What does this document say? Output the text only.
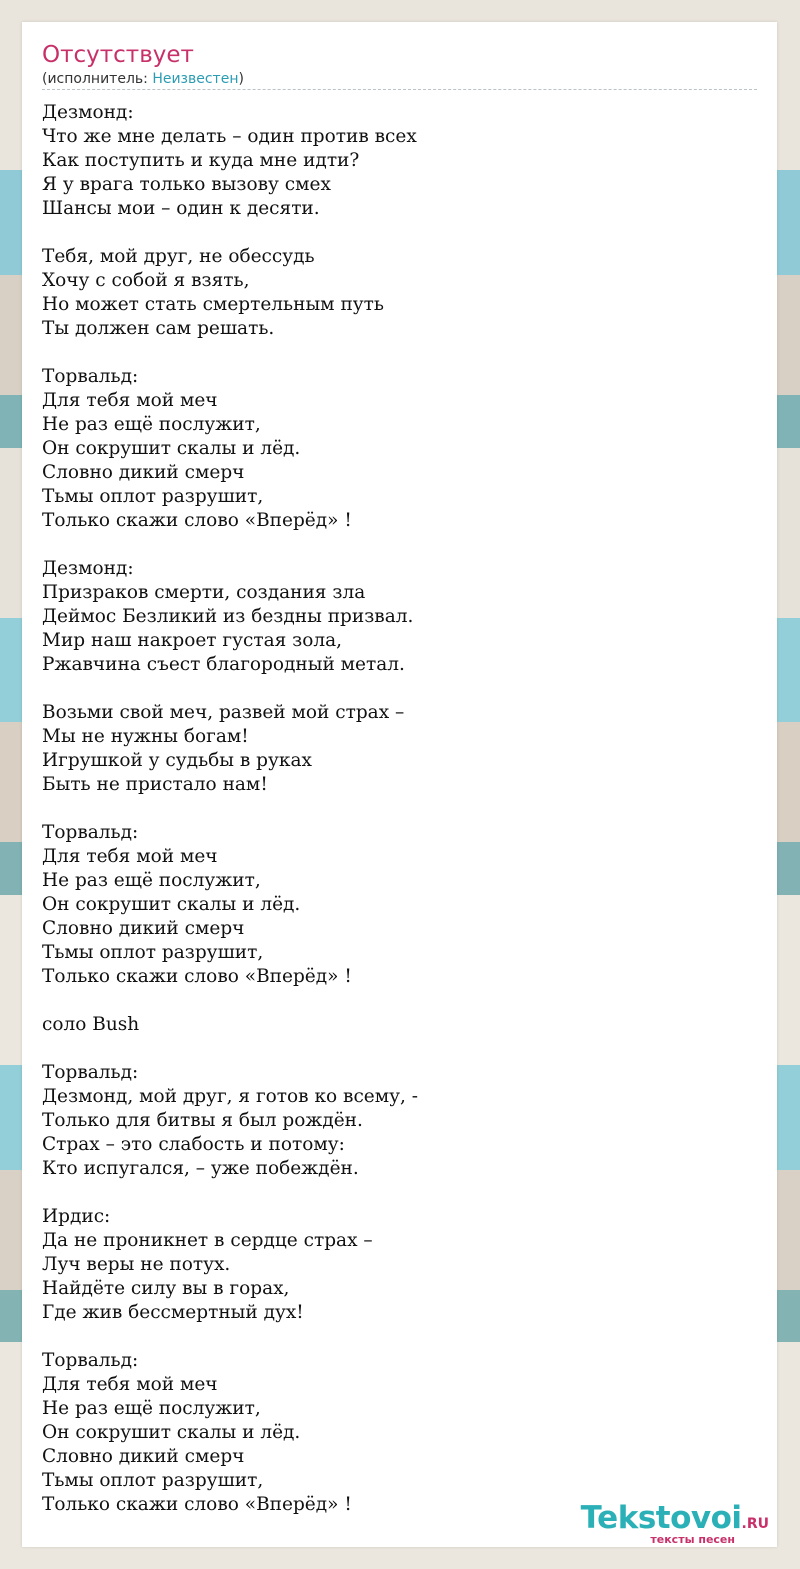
Отсутствует
(исполнитель: Неизвестен)
Дезмонд:
Что же мне делать – один против всех
Как поступить и куда мне идти?
Я у врага только вызову смех
Шансы мои – один к десяти.

Тебя, мой друг, не обессудь
Хочу с собой я взять,
Но может стать смертельным путь
Ты должен сам решать.

Торвальд:
Для тебя мой меч
Не раз ещё послужит,
Он сокрушит скалы и лёд.
Словно дикий смерч
Тьмы оплот разрушит,
Только скажи слово «Вперёд» !

Дезмонд:
Призраков смерти, создания зла
Деймос Безликий из бездны призвал.
Мир наш накроет густая зола,
Ржавчина съест благородный метал.

Возьми свой меч, развей мой страх –
Мы не нужны богам!
Игрушкой у судьбы в руках
Быть не пристало нам!

Торвальд:
Для тебя мой меч
Не раз ещё послужит,
Он сокрушит скалы и лёд.
Словно дикий смерч
Тьмы оплот разрушит,
Только скажи слово «Вперёд» !

соло Bush

Торвальд:
Дезмонд, мой друг, я готов ко всему, -
Только для битвы я был рождён.
Страх – это слабость и потому:
Кто испугался, – уже побеждён.

Ирдис:
Да не проникнет в сердце страх –
Луч веры не потух.
Найдёте силу вы в горах,
Где жив бессмертный дух!

Торвальд:
Для тебя мой меч
Не раз ещё послужит,
Он сокрушит скалы и лёд.
Словно дикий смерч
Тьмы оплот разрушит,
Только скажи слово «Вперёд» !	Tekstovoi.RU
тексты песен
